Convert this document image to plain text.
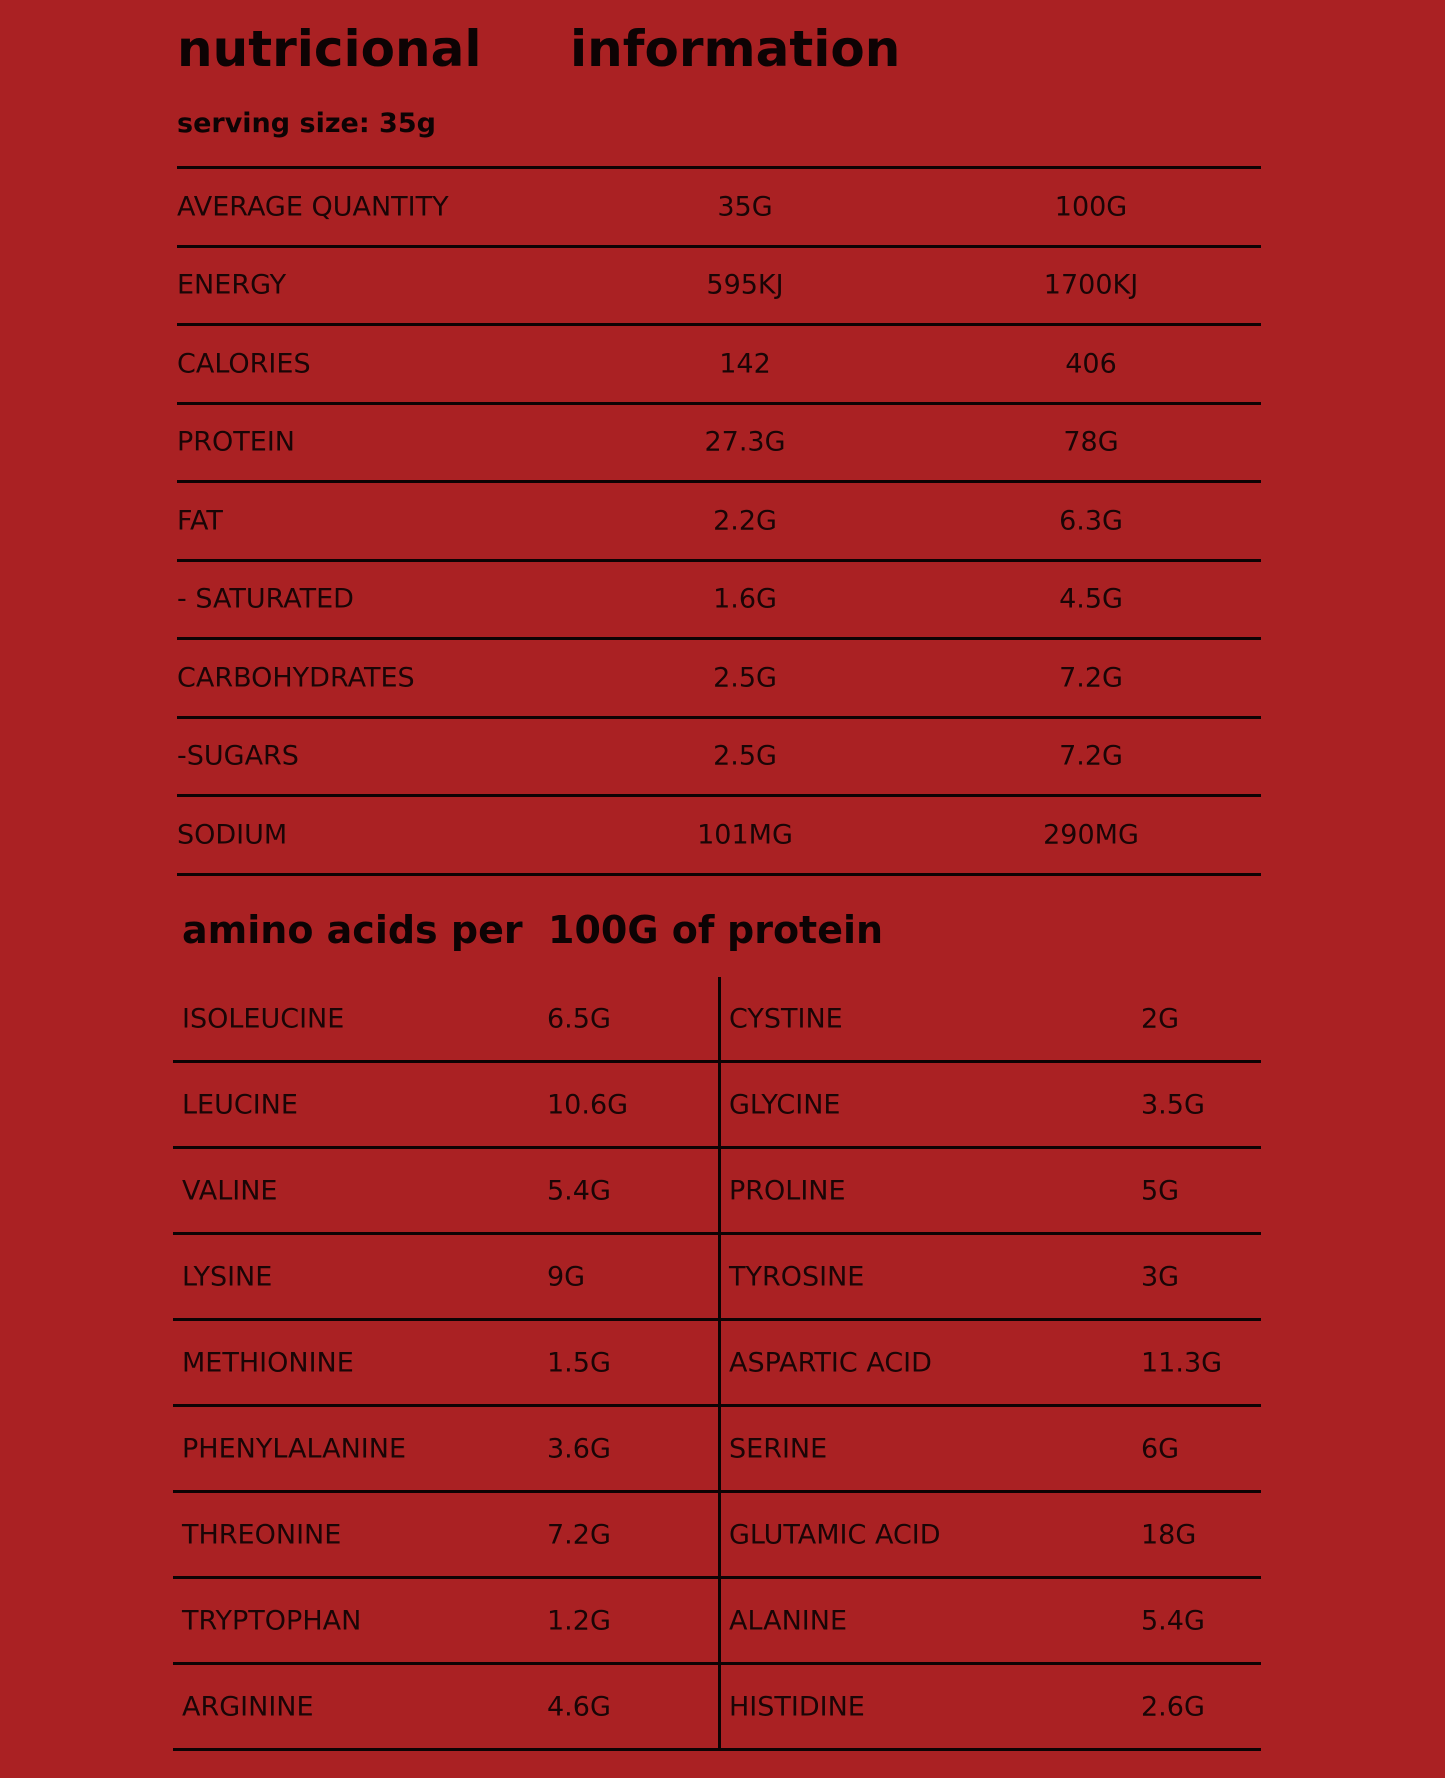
nutricional information
serving size: 35g
AVERAGE QUANTITY	35G	100G
ENERGY	595KJ	1700KJ
CALORIES	142	406
PROTEIN	27.3G	78G
FAT	2.2G	6.3G
- SATURATED	1.6G	4.5G
CARBOHYDRATES	2.5G	7.2G
-SUGARS	2.5G	7.2G
SODIUM	101MG	290MG
amino acids per 100G of protein
ISOLEUCINE	6.5G	CYSTINE	2G
LEUCINE	10.6G	GLYCINE	3.5G
VALINE	5.4G	PROLINE	5G
LYSINE	9G	TYROSINE	3G
METHIONINE	1.5G	ASPARTIC ACID	11.3G
PHENYLALANINE	3.6G	SERINE	6G
THREONINE	7.2G	GLUTAMIC ACID	18G
TRYPTOPHAN	1.2G	ALANINE	5.4G
ARGININE	4.6G	HISTIDINE	2.6G
